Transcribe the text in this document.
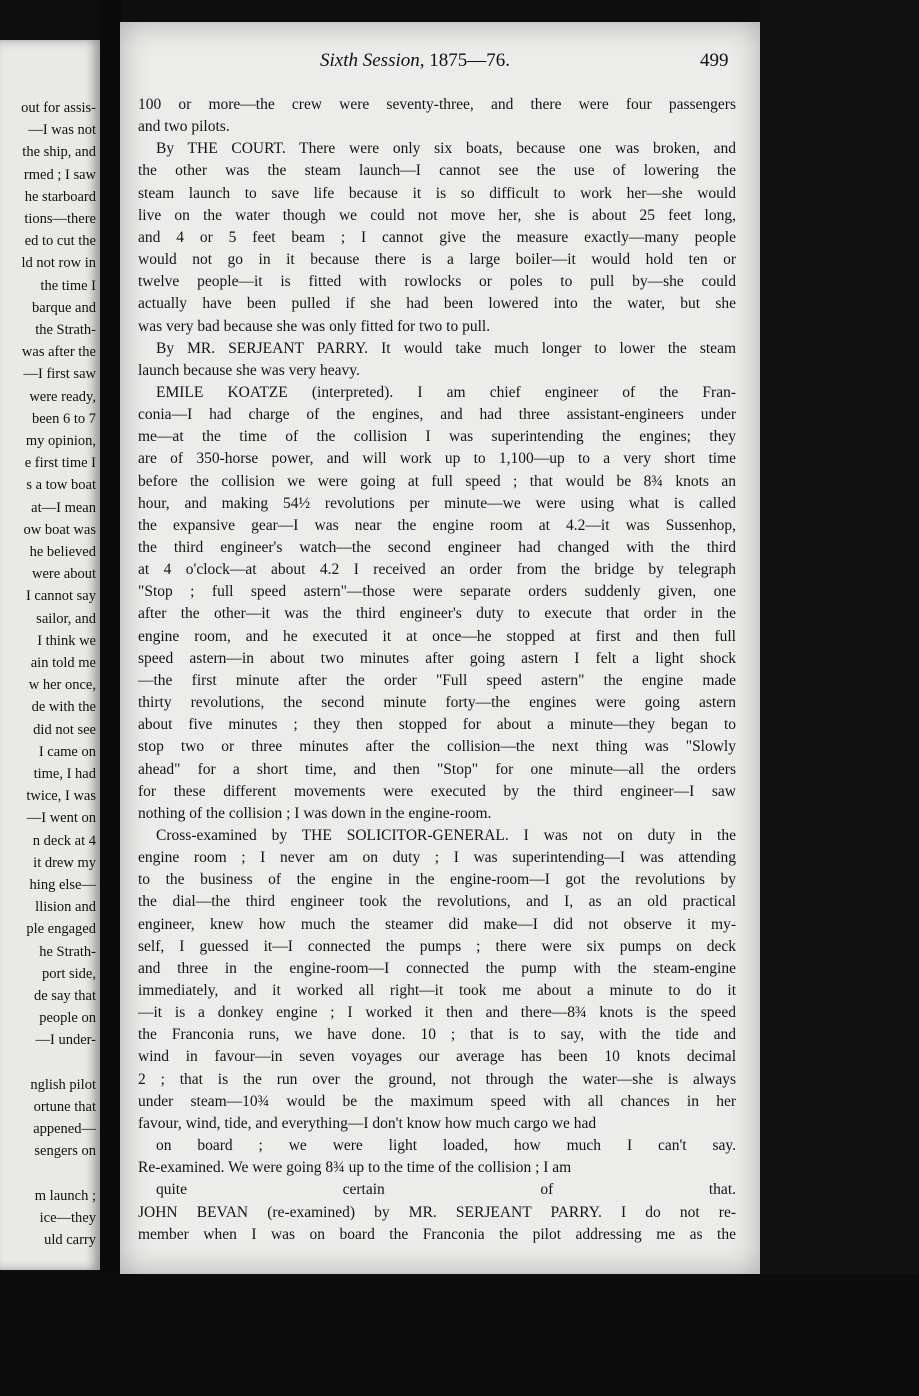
out for assis-
—I was not
the ship, and
rmed ; I saw
he starboard
tions—there
ed to cut the
ld not row in
the time I
barque and
the Strath-
was after the
—I first saw
were ready,
been 6 to 7
my opinion,
e first time I
s a tow boat
at—I mean
ow boat was
he believed
were about
I cannot say
sailor, and
I think we
ain told me
w her once,
de with the
did not see
I came on
time, I had
twice, I was
—I went on
n deck at 4
it drew my
hing else—
llision and
ple engaged
he Strath-
port side,
de say that
people on
—I under-
nglish pilot
ortune that
appened—
sengers on
m launch ;
ice—they
uld carry
Sixth Session, 1875—76.	499
100 or more—the crew were seventy-three, and there were four passengers
and two pilots.
By THE COURT. There were only six boats, because one was broken, and
the other was the steam launch—I cannot see the use of lowering the
steam launch to save life because it is so difficult to work her—she would
live on the water though we could not move her, she is about 25 feet long,
and 4 or 5 feet beam ; I cannot give the measure exactly—many people
would not go in it because there is a large boiler—it would hold ten or
twelve people—it is fitted with rowlocks or poles to pull by—she could
actually have been pulled if she had been lowered into the water, but she
was very bad because she was only fitted for two to pull.
By MR. SERJEANT PARRY. It would take much longer to lower the steam
launch because she was very heavy.
EMILE KOATZE (interpreted). I am chief engineer of the Fran-
conia—I had charge of the engines, and had three assistant-engineers under
me—at the time of the collision I was superintending the engines; they
are of 350-horse power, and will work up to 1,100—up to a very short time
before the collision we were going at full speed ; that would be 8¾ knots an
hour, and making 54½ revolutions per minute—we were using what is called
the expansive gear—I was near the engine room at 4.2—it was Sussenhop,
the third engineer's watch—the second engineer had changed with the third
at 4 o'clock—at about 4.2 I received an order from the bridge by telegraph
"Stop ; full speed astern"—those were separate orders suddenly given, one
after the other—it was the third engineer's duty to execute that order in the
engine room, and he executed it at once—he stopped at first and then full
speed astern—in about two minutes after going astern I felt a light shock
—the first minute after the order "Full speed astern" the engine made
thirty revolutions, the second minute forty—the engines were going astern
about five minutes ; they then stopped for about a minute—they began to
stop two or three minutes after the collision—the next thing was "Slowly
ahead" for a short time, and then "Stop" for one minute—all the orders
for these different movements were executed by the third engineer—I saw
nothing of the collision ; I was down in the engine-room.
Cross-examined by THE SOLICITOR-GENERAL. I was not on duty in the
engine room ; I never am on duty ; I was superintending—I was attending
to the business of the engine in the engine-room—I got the revolutions by
the dial—the third engineer took the revolutions, and I, as an old practical
engineer, knew how much the steamer did make—I did not observe it my-
self, I guessed it—I connected the pumps ; there were six pumps on deck
and three in the engine-room—I connected the pump with the steam-engine
immediately, and it worked all right—it took me about a minute to do it
—it is a donkey engine ; I worked it then and there—8¾ knots is the speed
the Franconia runs, we have done. 10 ; that is to say, with the tide and
wind in favour—in seven voyages our average has been 10 knots decimal
2 ; that is the run over the ground, not through the water—she is always
under steam—10¾ would be the maximum speed with all chances in her
favour, wind, tide, and everything—I don't know how much cargo we had
on board ; we were light loaded, how much I can't say.
Re-examined. We were going 8¾ up to the time of the collision ; I am
quite certain of that.
JOHN BEVAN (re-examined) by MR. SERJEANT PARRY. I do not re-
member when I was on board the Franconia the pilot addressing me as the
